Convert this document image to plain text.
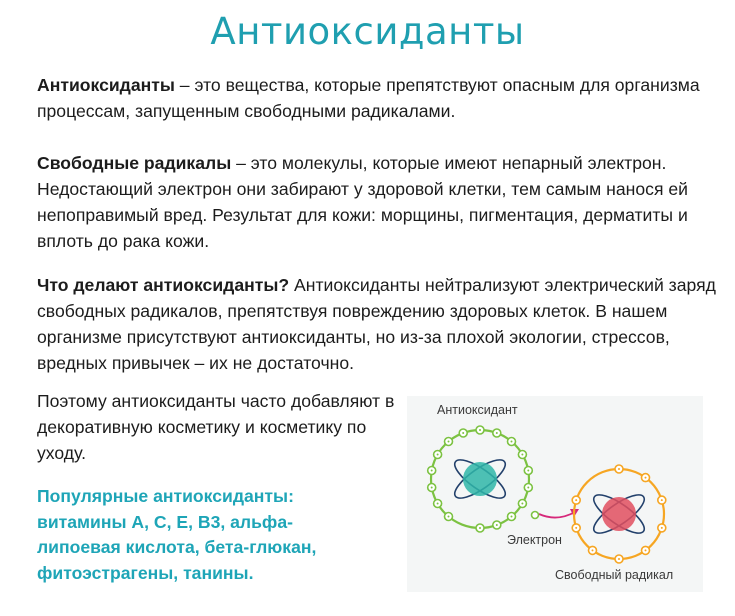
Антиоксиданты

Антиоксиданты – это вещества, которые препятствуют опасным для организма процессам, запущенным свободными радикалами.

Свободные радикалы – это молекулы, которые имеют непарный электрон. Недостающий электрон они забирают у здоровой клетки, тем самым нанося ей непоправимый вред. Результат для кожи: морщины, пигментация, дерматиты и вплоть до рака кожи.

Что делают антиоксиданты? Антиоксиданты нейтрализуют электрический заряд свободных радикалов, препятствуя повреждению здоровых клеток. В нашем организме присутствуют антиоксиданты, но из-за плохой экологии, стрессов, вредных привычек – их не достаточно.

Поэтому антиоксиданты часто добавляют в декоративную косметику и косметику по уходу.

Популярные антиоксиданты:
витамины A, C, E, B3, альфа-
липоевая кислота, бета-глюкан,
фитоэстрагены, танины.
Антиоксидант
Электрон
Свободный радикал
